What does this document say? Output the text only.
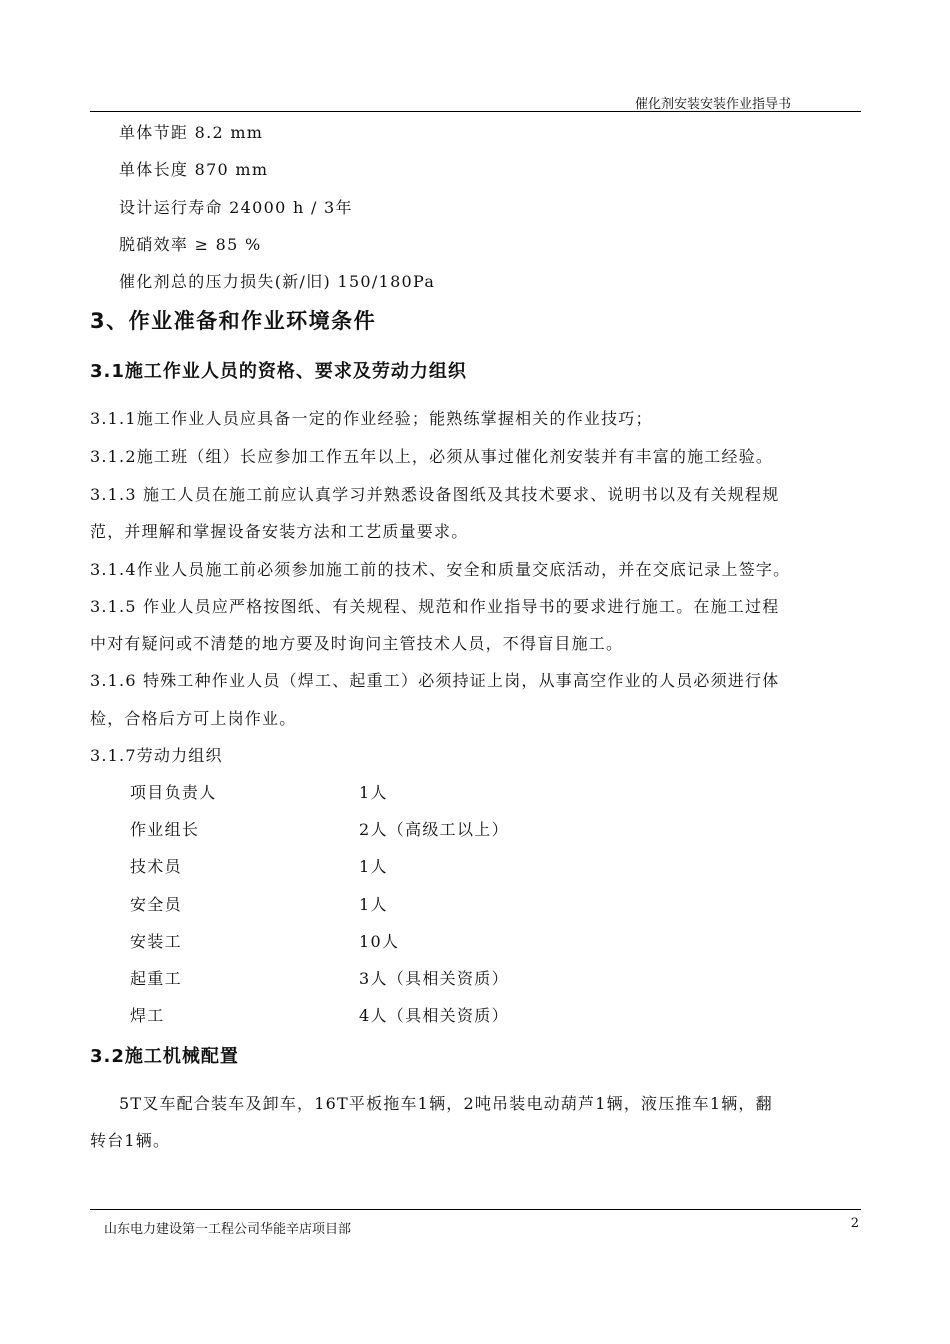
催化剂安装安装作业指导书
单体节距 8.2 mm
单体长度 870 mm
设计运行寿命 24000 h / 3年
脱硝效率 ≥ 85 %
催化剂总的压力损失(新/旧) 150/180Pa
3、作业准备和作业环境条件
3.1施工作业人员的资格、要求及劳动力组织
3.1.1施工作业人员应具备一定的作业经验；能熟练掌握相关的作业技巧；
3.1.2施工班（组）长应参加工作五年以上，必须从事过催化剂安装并有丰富的施工经验。
3.1.3 施工人员在施工前应认真学习并熟悉设备图纸及其技术要求、说明书以及有关规程规
范，并理解和掌握设备安装方法和工艺质量要求。
3.1.4作业人员施工前必须参加施工前的技术、安全和质量交底活动，并在交底记录上签字。
3.1.5 作业人员应严格按图纸、有关规程、规范和作业指导书的要求进行施工。在施工过程
中对有疑问或不清楚的地方要及时询问主管技术人员，不得盲目施工。
3.1.6 特殊工种作业人员（焊工、起重工）必须持证上岗，从事高空作业的人员必须进行体
检，合格后方可上岗作业。
3.1.7劳动力组织
项目负责人	1人
作业组长	2人（高级工以上）
技术员	1人
安全员	1人
安装工	10人
起重工	3人（具相关资质）
焊工	4人（具相关资质）
3.2施工机械配置
5T叉车配合装车及卸车，16T平板拖车1辆，2吨吊装电动葫芦1辆，液压推车1辆，翻
转台1辆。
山东电力建设第一工程公司华能辛店项目部	2
